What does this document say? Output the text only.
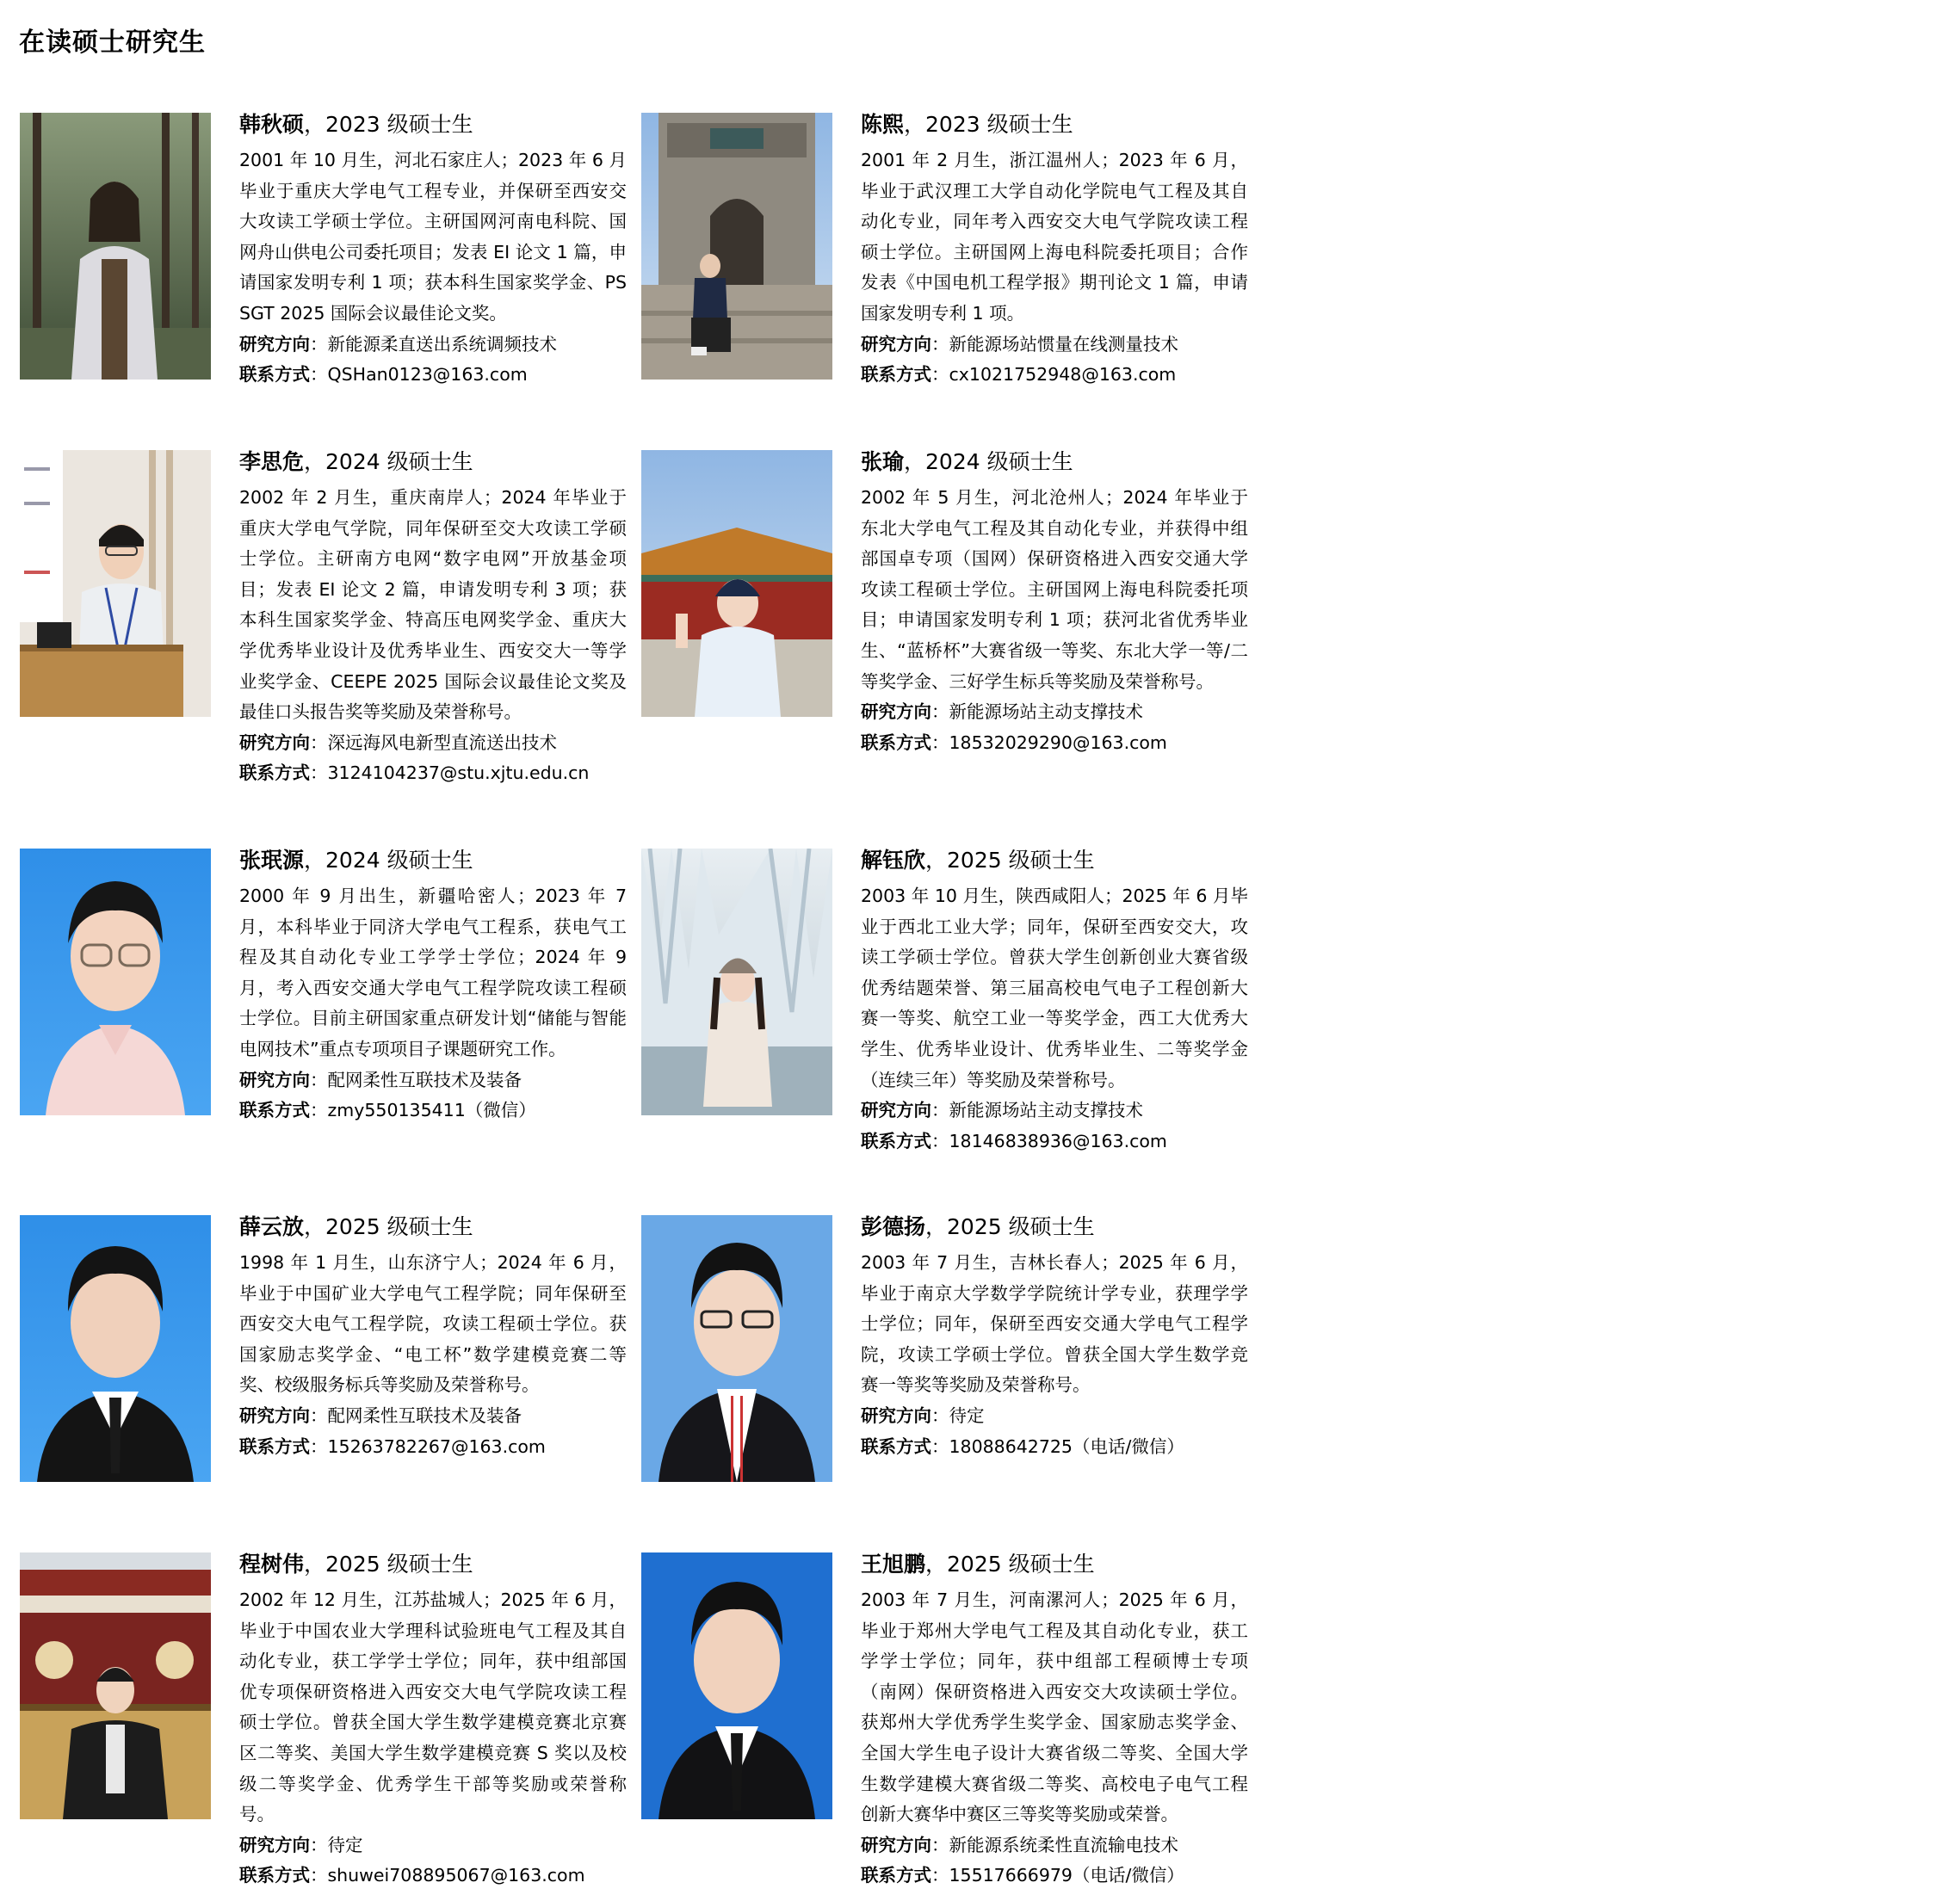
在读硕士研究生

韩秋硕，2023 级硕士生

2001 年 10 月生，河北石家庄人；2023 年 6 月毕业于重庆大学电气工程专业，并保研至西安交大攻读工学硕士学位。主研国网河南电科院、国网舟山供电公司委托项目；发表 EI 论文 1 篇，申请国家发明专利 1 项；获本科生国家奖学金、PSSGT 2025 国际会议最佳论文奖。

研究方向：新能源柔直送出系统调频技术

联系方式：QSHan0123@163.com

陈熙，2023 级硕士生

2001 年 2 月生，浙江温州人；2023 年 6 月，毕业于武汉理工大学自动化学院电气工程及其自动化专业，同年考入西安交大电气学院攻读工程硕士学位。主研国网上海电科院委托项目；合作发表《中国电机工程学报》期刊论文 1 篇，申请国家发明专利 1 项。

研究方向：新能源场站惯量在线测量技术

联系方式：cx1021752948@163.com

李思危，2024 级硕士生

2002 年 2 月生，重庆南岸人；2024 年毕业于重庆大学电气学院，同年保研至交大攻读工学硕士学位。主研南方电网“数字电网”开放基金项目；发表 EI 论文 2 篇，申请发明专利 3 项；获本科生国家奖学金、特高压电网奖学金、重庆大学优秀毕业设计及优秀毕业生、西安交大一等学业奖学金、CEEPE 2025 国际会议最佳论文奖及最佳口头报告奖等奖励及荣誉称号。

研究方向：深远海风电新型直流送出技术

联系方式：3124104237@stu.xjtu.edu.cn

张瑜，2024 级硕士生

2002 年 5 月生，河北沧州人；2024 年毕业于东北大学电气工程及其自动化专业，并获得中组部国卓专项（国网）保研资格进入西安交通大学攻读工程硕士学位。主研国网上海电科院委托项目；申请国家发明专利 1 项；获河北省优秀毕业生、“蓝桥杯”大赛省级一等奖、东北大学一等/二等奖学金、三好学生标兵等奖励及荣誉称号。

研究方向：新能源场站主动支撑技术

联系方式：18532029290@163.com

张珉源，2024 级硕士生

2000 年 9 月出生，新疆哈密人；2023 年 7 月，本科毕业于同济大学电气工程系，获电气工程及其自动化专业工学学士学位；2024 年 9 月，考入西安交通大学电气工程学院攻读工程硕士学位。目前主研国家重点研发计划“储能与智能电网技术”重点专项项目子课题研究工作。

研究方向：配网柔性互联技术及装备

联系方式：zmy550135411（微信）

解钰欣，2025 级硕士生

2003 年 10 月生，陕西咸阳人；2025 年 6 月毕业于西北工业大学；同年，保研至西安交大，攻读工学硕士学位。曾获大学生创新创业大赛省级优秀结题荣誉、第三届高校电气电子工程创新大赛一等奖、航空工业一等奖学金，西工大优秀大学生、优秀毕业设计、优秀毕业生、二等奖学金（连续三年）等奖励及荣誉称号。

研究方向：新能源场站主动支撑技术

联系方式：18146838936@163.com

薛云放，2025 级硕士生

1998 年 1 月生，山东济宁人；2024 年 6 月，毕业于中国矿业大学电气工程学院；同年保研至西安交大电气工程学院，攻读工程硕士学位。获国家励志奖学金、“电工杯”数学建模竞赛二等奖、校级服务标兵等奖励及荣誉称号。

研究方向：配网柔性互联技术及装备

联系方式：15263782267@163.com

彭德扬，2025 级硕士生

2003 年 7 月生，吉林长春人；2025 年 6 月，毕业于南京大学数学学院统计学专业，获理学学士学位；同年，保研至西安交通大学电气工程学院，攻读工学硕士学位。曾获全国大学生数学竞赛一等奖等奖励及荣誉称号。

研究方向：待定

联系方式：18088642725（电话/微信）

程树伟，2025 级硕士生

2002 年 12 月生，江苏盐城人；2025 年 6 月，毕业于中国农业大学理科试验班电气工程及其自动化专业，获工学学士学位；同年，获中组部国优专项保研资格进入西安交大电气学院攻读工程硕士学位。曾获全国大学生数学建模竞赛北京赛区二等奖、美国大学生数学建模竞赛 S 奖以及校级二等奖学金、优秀学生干部等奖励或荣誉称号。

研究方向：待定

联系方式：shuwei708895067@163.com

王旭鹏，2025 级硕士生

2003 年 7 月生，河南漯河人；2025 年 6 月，毕业于郑州大学电气工程及其自动化专业，获工学学士学位；同年，获中组部工程硕博士专项（南网）保研资格进入西安交大攻读硕士学位。获郑州大学优秀学生奖学金、国家励志奖学金、全国大学生电子设计大赛省级二等奖、全国大学生数学建模大赛省级二等奖、高校电子电气工程创新大赛华中赛区三等奖等奖励或荣誉。

研究方向：新能源系统柔性直流输电技术

联系方式：15517666979（电话/微信）
